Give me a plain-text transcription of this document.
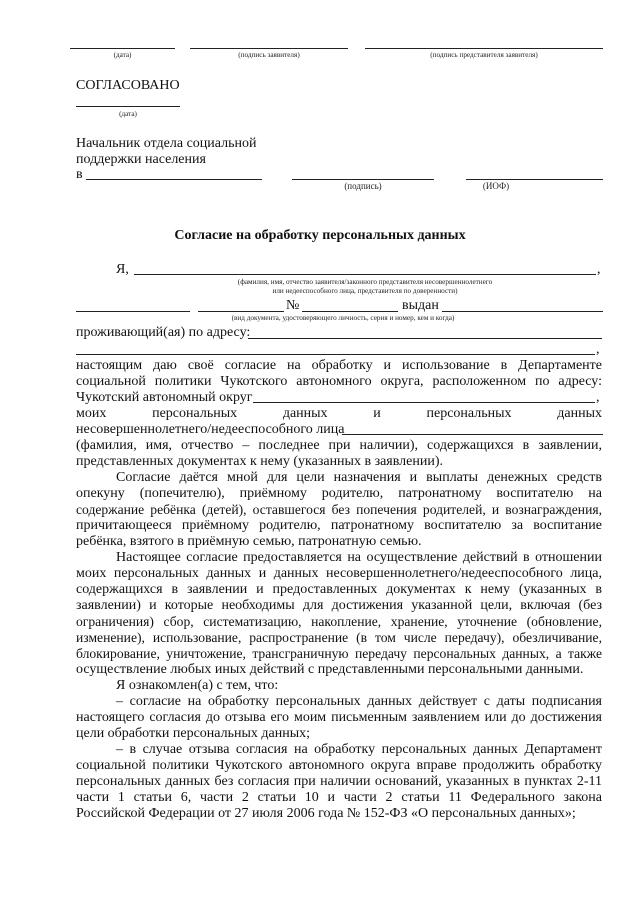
(дата)	(подпись заявителя)	(подпись представителя заявителя)
СОГЛАСОВАНО
(дата)
Начальник отдела социальной
поддержки населения
в
(подпись)	(ИОФ)
Согласие на обработку персональных данных
Я,	,
(фамилия, имя, отчество заявителя/законного представителя несовершеннолетнего
или недееспособного лица, представителя по доверенности)
№	выдан
(вид документа, удостоверяющего личность, серия и номер, кем и когда)
проживающий(ая) по адресу:
,
настоящим даю своё согласие на обработку и использование в Департаменте
социальной политики Чукотского автономного округа, расположенном по адресу:
Чукотский автономный округ	,
моих персональных данных и персональных данных
несовершеннолетнего/недееспособного лица
(фамилия, имя, отчество – последнее при наличии), содержащихся в заявлении,
представленных документах к нему (указанных в заявлении).
Согласие даётся мной для цели назначения и выплаты денежных средств
опекуну (попечителю), приёмному родителю, патронатному воспитателю на
содержание ребёнка (детей), оставшегося без попечения родителей, и вознаграждения,
причитающееся приёмному родителю, патронатному воспитателю за воспитание
ребёнка, взятого в приёмную семью, патронатную семью.
Настоящее согласие предоставляется на осуществление действий в отношении
моих персональных данных и данных несовершеннолетнего/недееспособного лица,
содержащихся в заявлении и предоставленных документах к нему (указанных в
заявлении) и которые необходимы для достижения указанной цели, включая (без
ограничения) сбор, систематизацию, накопление, хранение, уточнение (обновление,
изменение), использование, распространение (в том числе передачу), обезличивание,
блокирование, уничтожение, трансграничную передачу персональных данных, а также
осуществление любых иных действий с представленными персональными данными.
Я ознакомлен(а) с тем, что:
– согласие на обработку персональных данных действует с даты подписания
настоящего согласия до отзыва его моим письменным заявлением или до достижения
цели обработки персональных данных;
– в случае отзыва согласия на обработку персональных данных Департамент
социальной политики Чукотского автономного округа вправе продолжить обработку
персональных данных без согласия при наличии оснований, указанных в пунктах 2-11
части 1 статьи 6, части 2 статьи 10 и части 2 статьи 11 Федерального закона
Российской Федерации от 27 июля 2006 года № 152-ФЗ «О персональных данных»;
